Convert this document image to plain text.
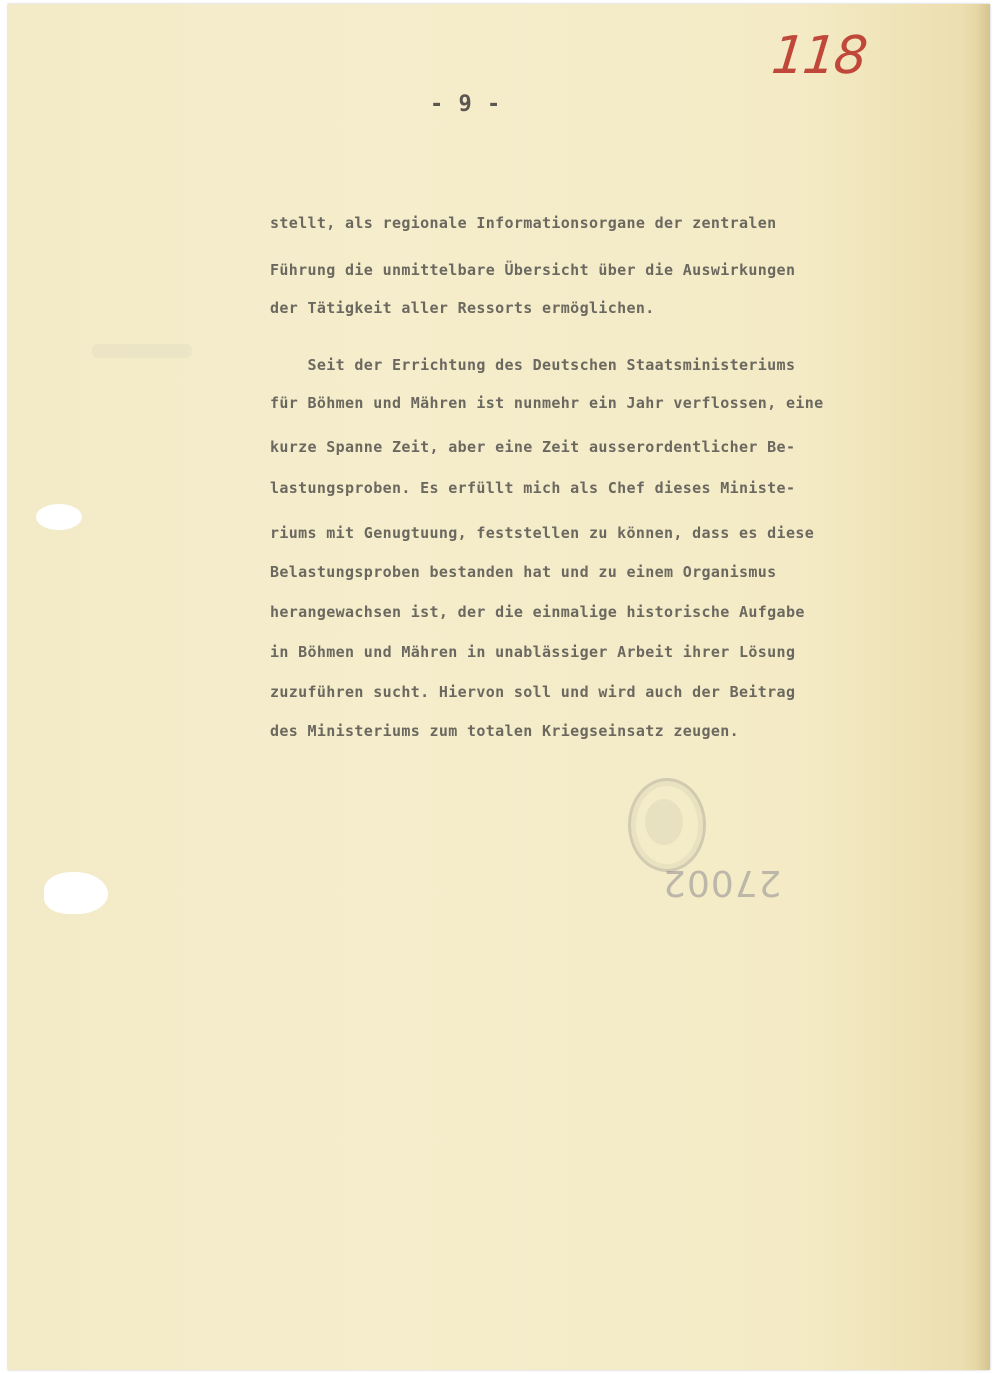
118
- 9 -
stellt, als regionale Informationsorgane der zentralen
Führung die unmittelbare Übersicht über die Auswirkungen
der Tätigkeit aller Ressorts ermöglichen.
Seit der Errichtung des Deutschen Staatsministeriums
für Böhmen und Mähren ist nunmehr ein Jahr verflossen, eine
kurze Spanne Zeit, aber eine Zeit ausserordentlicher Be-
lastungsproben. Es erfüllt mich als Chef dieses Ministe-
riums mit Genugtuung, feststellen zu können, dass es diese
Belastungsproben bestanden hat und zu einem Organismus
herangewachsen ist, der die einmalige historische Aufgabe
in Böhmen und Mähren in unablässiger Arbeit ihrer Lösung
zuzuführen sucht. Hiervon soll und wird auch der Beitrag
des Ministeriums zum totalen Kriegseinsatz zeugen.
27002
